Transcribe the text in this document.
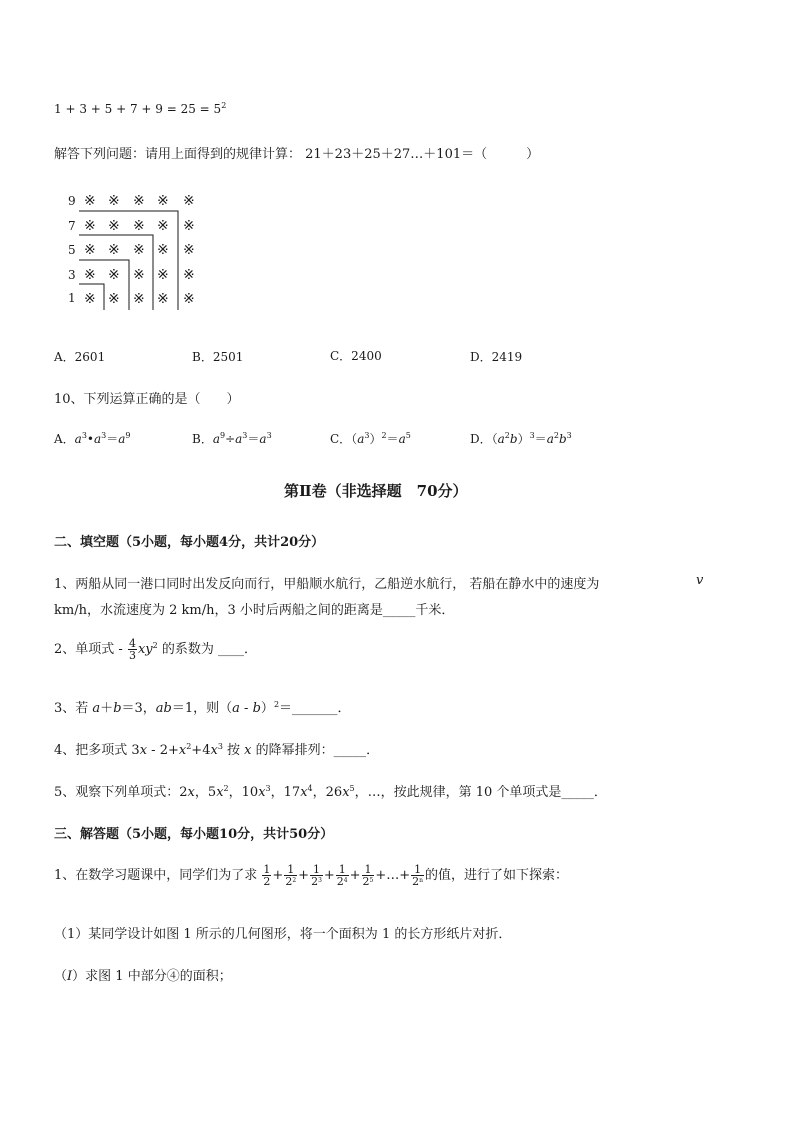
$1 + 3 + 5 + 7 + 9 = 25 = 5^2$
解答下列问题：请用上面得到的规律计算： 21＋23＋25＋27…＋101＝（　　　）
9
7
5
3
1
※ ※ ※ ※ ※
※ ※ ※ ※ ※
※ ※ ※ ※ ※
※ ※ ※ ※ ※
※ ※ ※ ※ ※
A．2601	B．2501	C．2400	D．2419
10、下列运算正确的是（　　）
A．$a^3•a^3=a^9$	B．$a^9\div a^3=a^3$	C．$(a^3)^2=a^5$	D．$(a^2b)^3=a^2b^3$
第Ⅱ卷（非选择题　70分）
二、填空题（5小题，每小题4分，共计20分）
1、两船从同一港口同时出发反向而行，甲船顺水航行，乙船逆水航行， 若船在静水中的速度为	v
km/h，水流速度为 2 km/h，3 小时后两船之间的距离是_____千米．
2、单项式 - $\frac{4}{3} xy^2$ 的系数为 ____．
3、若 a＋b＝3，ab＝1，则（a - b）$^2$＝_______．
4、把多项式 $3x - 2+x^2+4x^3$ 按 x 的降幂排列：_____．
5、观察下列单项式：2x，$5x^2$，$10x^3$，$17x^4$，$26x^5$，…，按此规律，第 10 个单项式是_____．
三、解答题（5小题，每小题10分，共计50分）
1、在数学习题课中，同学们为了求 $\frac{1}{2} + \frac{1}{2^2} + \frac{1}{2^3} + \frac{1}{2^4} + \frac{1}{2^5}$ +…+ $\frac{1}{2^n}$ 的值，进行了如下探索：
（1）某同学设计如图 1 所示的几何图形，将一个面积为 1 的长方形纸片对折．
（I）求图 1 中部分④的面积；
